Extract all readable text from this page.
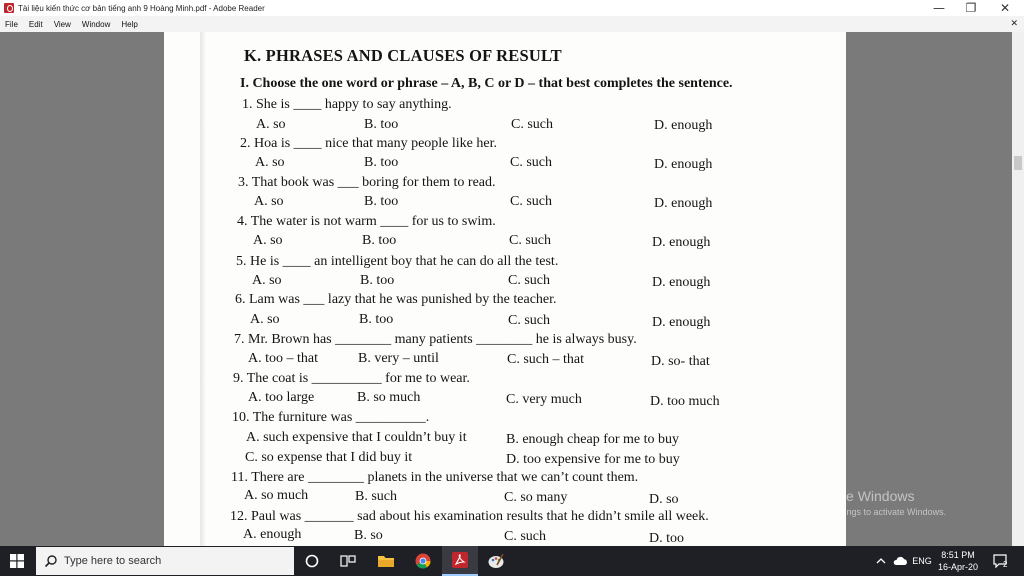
Tài liệu kiến thức cơ bản tiếng anh 9 Hoàng Minh.pdf - Adobe Reader	—	❐	✕
File	Edit	View	Window	Help	✕
K. PHRASES AND CLAUSES OF RESULT
I. Choose the one word or phrase – A, B, C or D – that best completes the sentence.
1. She is ____ happy to say anything.
A. so	B. too	C. such	D. enough
2. Hoa is ____ nice that many people like her.
A. so	B. too	C. such	D. enough
3. That book was ___ boring for them to read.
A. so	B. too	C. such	D. enough
4. The water is not warm ____ for us to swim.
A. so	B. too	C. such	D. enough
5. He is ____ an intelligent boy that he can do all the test.
A. so	B. too	C. such	D. enough
6. Lam was ___ lazy that he was punished by the teacher.
A. so	B. too	C. such	D. enough
7. Mr. Brown has ________ many patients ________ he is always busy.
A. too – that	B. very – until	C. such – that	D. so- that
9. The coat is __________ for me to wear.
A. too large	B. so much	C. very much	D. too much
10. The furniture was __________.
A. such expensive that I couldn’t buy it	B. enough cheap for me to buy
C. so expense that I did buy it	D. too expensive for me to buy
11. There are ________ planets in the universe that we can’t count them.
A. so much	B. such	C. so many	D. so
12. Paul was _______ sad about his examination results that he didn’t smile all week.
A. enough	B. so	C. such	D. too
Activate Windows
Go to Settings to activate Windows.
Type here to search	ENG
8:51 PM
16-Apr-20	2
